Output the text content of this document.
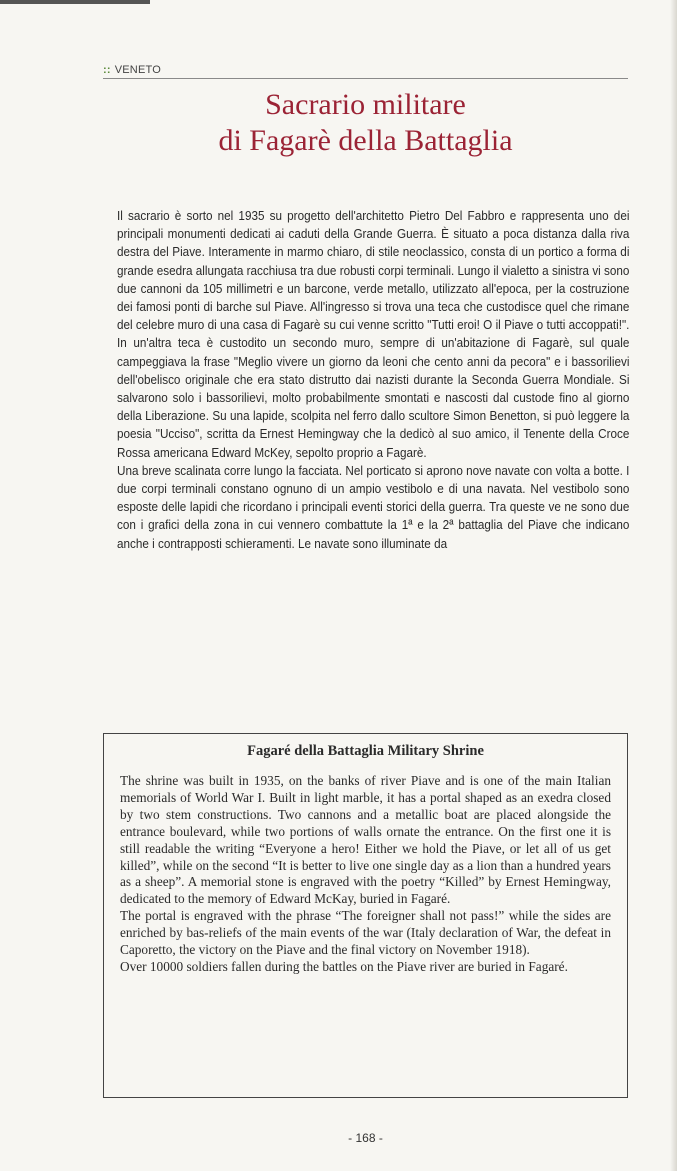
:: VENETO
Sacrario militare
di Fagarè della Battaglia

Il sacrario è sorto nel 1935 su progetto dell'architetto Pietro Del Fabbro e rappresenta uno dei principali monumenti dedicati ai caduti della Grande Guerra. È situato a poca distanza dalla riva destra del Piave. Interamente in marmo chiaro, di stile neoclassico, consta di un portico a forma di grande esedra allungata racchiusa tra due robusti corpi terminali. Lungo il vialetto a sinistra vi sono due cannoni da 105 millimetri e un barcone, verde metallo, utilizzato all'epoca, per la costruzione dei famosi ponti di barche sul Piave. All'ingresso si trova una teca che custodisce quel che rimane del celebre muro di una casa di Fagarè su cui venne scritto "Tutti eroi! O il Piave o tutti accoppati!". In un'altra teca è custodito un secondo muro, sempre di un'abitazione di Fagarè, sul quale campeggiava la frase "Meglio vivere un giorno da leoni che cento anni da pecora" e i bassorilievi dell'obelisco originale che era stato distrutto dai nazisti durante la Seconda Guerra Mondiale. Si salvarono solo i bassorilievi, molto probabilmente smontati e nascosti dal custode fino al giorno della Liberazione. Su una lapide, scolpita nel ferro dallo scultore Simon Benetton, si può leggere la poesia "Ucciso", scritta da Ernest Hemingway che la dedicò al suo amico, il Tenente della Croce Rossa americana Edward McKey, sepolto proprio a Fagarè.

Una breve scalinata corre lungo la facciata. Nel porticato si aprono nove navate con volta a botte. I due corpi terminali constano ognuno di un ampio vestibolo e di una navata. Nel vestibolo sono esposte delle lapidi che ricordano i principali eventi storici della guerra. Tra queste ve ne sono due con i grafici della zona in cui vennero combattute la 1ª e la 2ª battaglia del Piave che indicano anche i contrapposti schieramenti. Le navate sono illuminate da

Fagaré della Battaglia Military Shrine

The shrine was built in 1935, on the banks of river Piave and is one of the main Italian memorials of World War I. Built in light marble, it has a portal shaped as an exedra closed by two stem constructions. Two cannons and a metallic boat are placed alongside the entrance boulevard, while two portions of walls ornate the entrance. On the first one it is still readable the writing “Everyone a hero! Either we hold the Piave, or let all of us get killed”, while on the second “It is better to live one single day as a lion than a hundred years as a sheep”. A memorial stone is engraved with the poetry “Killed” by Ernest Hemingway, dedicated to the memory of Edward McKay, buried in Fagaré.

The portal is engraved with the phrase “The foreigner shall not pass!” while the sides are enriched by bas-reliefs of the main events of the war (Italy declaration of War, the defeat in Caporetto, the victory on the Piave and the final victory on November 1918).

Over 10000 soldiers fallen during the battles on the Piave river are buried in Fagaré.

- 168 -
